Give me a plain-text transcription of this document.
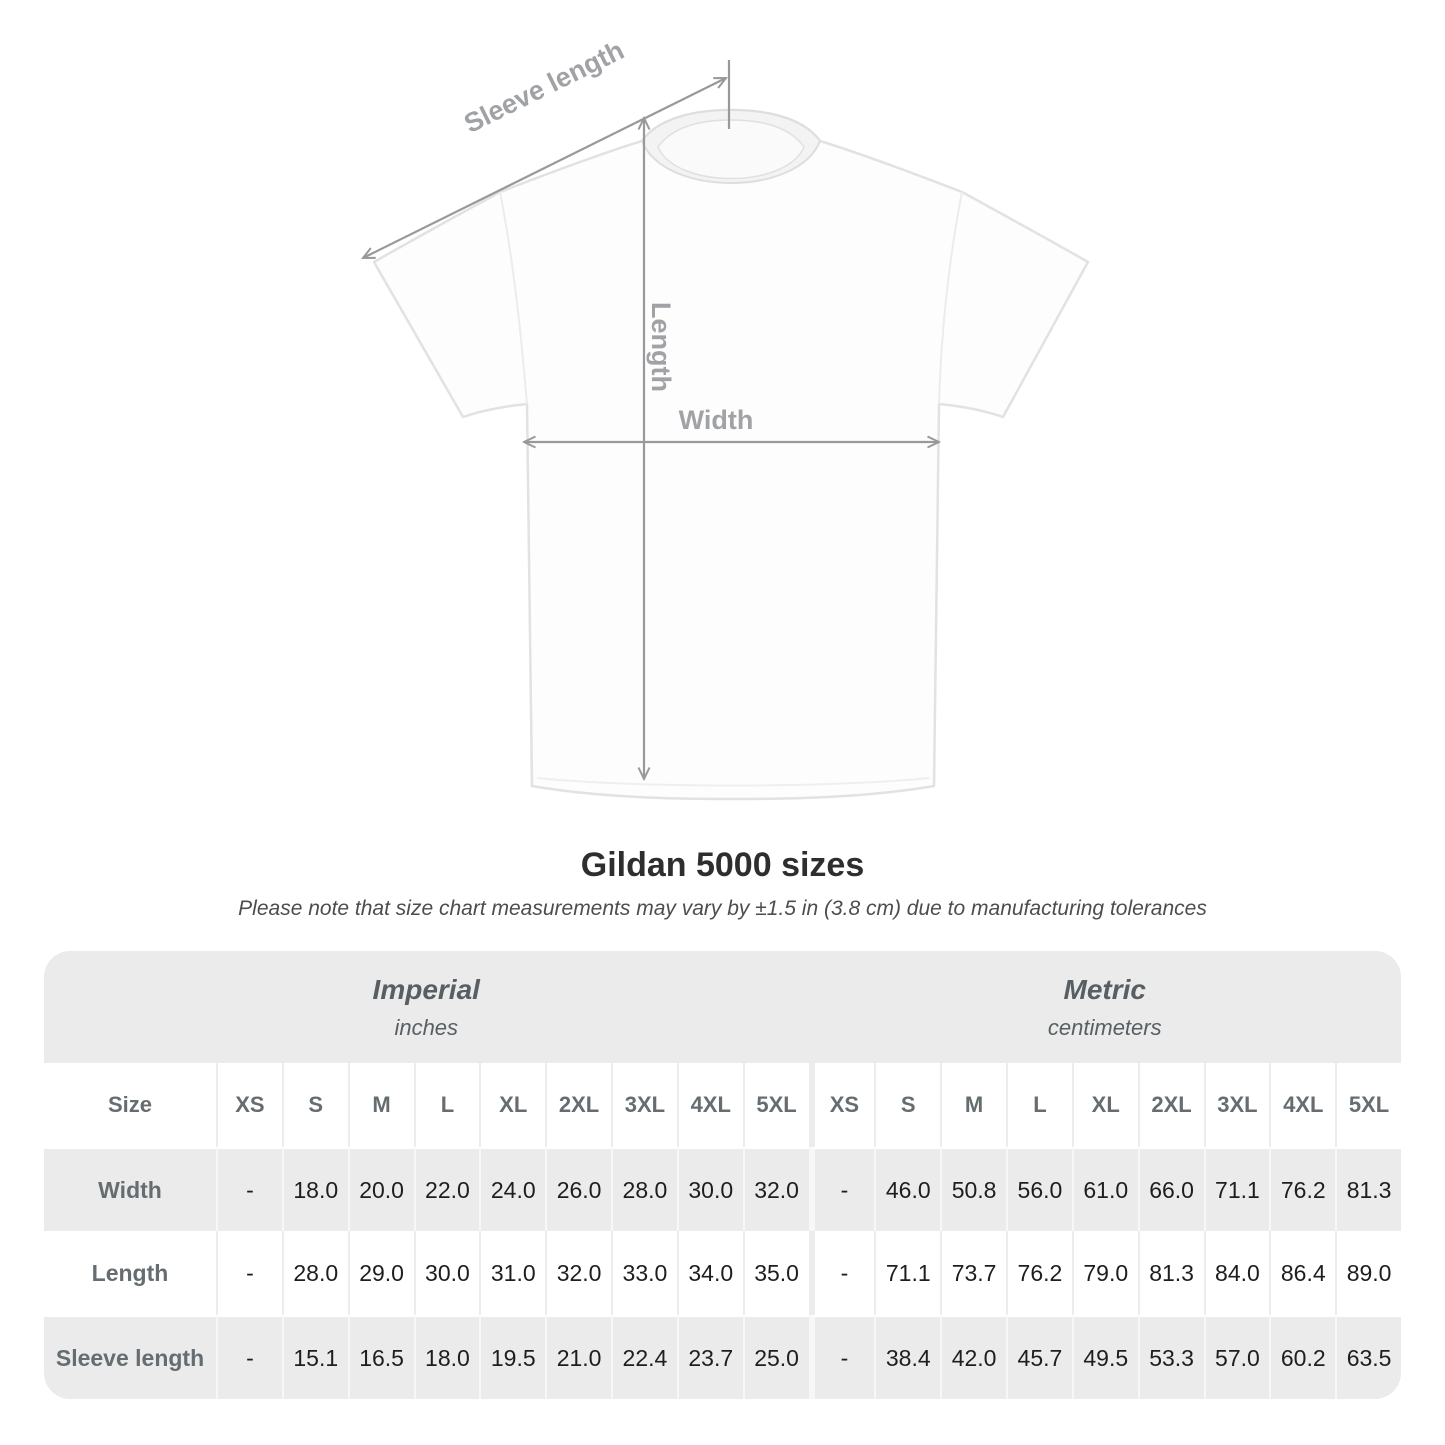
Sleeve length
Length
Width
Gildan 5000 sizes
Please note that size chart measurements may vary by ±1.5 in (3.8 cm) due to manufacturing tolerances
Imperial
inches
Metric
centimeters
Size	XS	S	M	L	XL	2XL	3XL	4XL	5XL	XS	S	M	L	XL	2XL	3XL	4XL	5XL
Width	-	18.0 20.0 22.0 24.0 26.0 28.0 30.0 32.0	-	46.0 50.8 56.0 61.0 66.0 71.1 76.2 81.3
Length	-	28.0 29.0 30.0 31.0 32.0 33.0 34.0 35.0	-	71.1 73.7 76.2 79.0 81.3 84.0 86.4 89.0
Sleeve length	-	15.1 16.5 18.0 19.5 21.0 22.4 23.7 25.0	-	38.4 42.0 45.7 49.5 53.3 57.0 60.2 63.5
